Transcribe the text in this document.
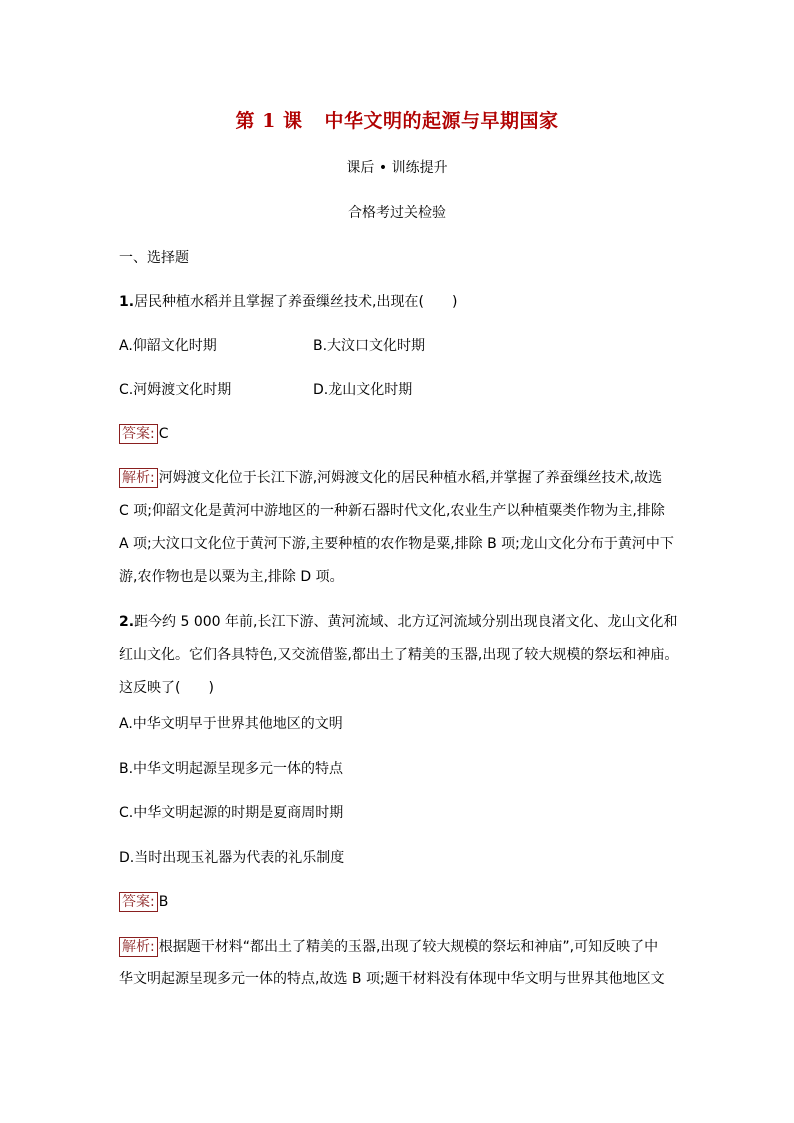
第 1 课 中华文明的起源与早期国家
课后 • 训练提升
合格考过关检验
一、选择题
1.居民种植水稻并且掌握了养蚕缫丝技术,出现在(　　)
A.仰韶文化时期	B.大汶口文化时期
C.河姆渡文化时期	D.龙山文化时期
答案: C
解析: 河姆渡文化位于长江下游,河姆渡文化的居民种植水稻,并掌握了养蚕缫丝技术,故选
C 项;仰韶文化是黄河中游地区的一种新石器时代文化,农业生产以种植粟类作物为主,排除
A 项;大汶口文化位于黄河下游,主要种植的农作物是粟,排除 B 项;龙山文化分布于黄河中下
游,农作物也是以粟为主,排除 D 项。
2.距今约 5 000 年前,长江下游、黄河流域、北方辽河流域分别出现良渚文化、龙山文化和
红山文化。它们各具特色,又交流借鉴,都出土了精美的玉器,出现了较大规模的祭坛和神庙。
这反映了(　　)
A.中华文明早于世界其他地区的文明
B.中华文明起源呈现多元一体的特点
C.中华文明起源的时期是夏商周时期
D.当时出现玉礼器为代表的礼乐制度
答案: B
解析: 根据题干材料“都出土了精美的玉器,出现了较大规模的祭坛和神庙”,可知反映了中
华文明起源呈现多元一体的特点,故选 B 项;题干材料没有体现中华文明与世界其他地区文
